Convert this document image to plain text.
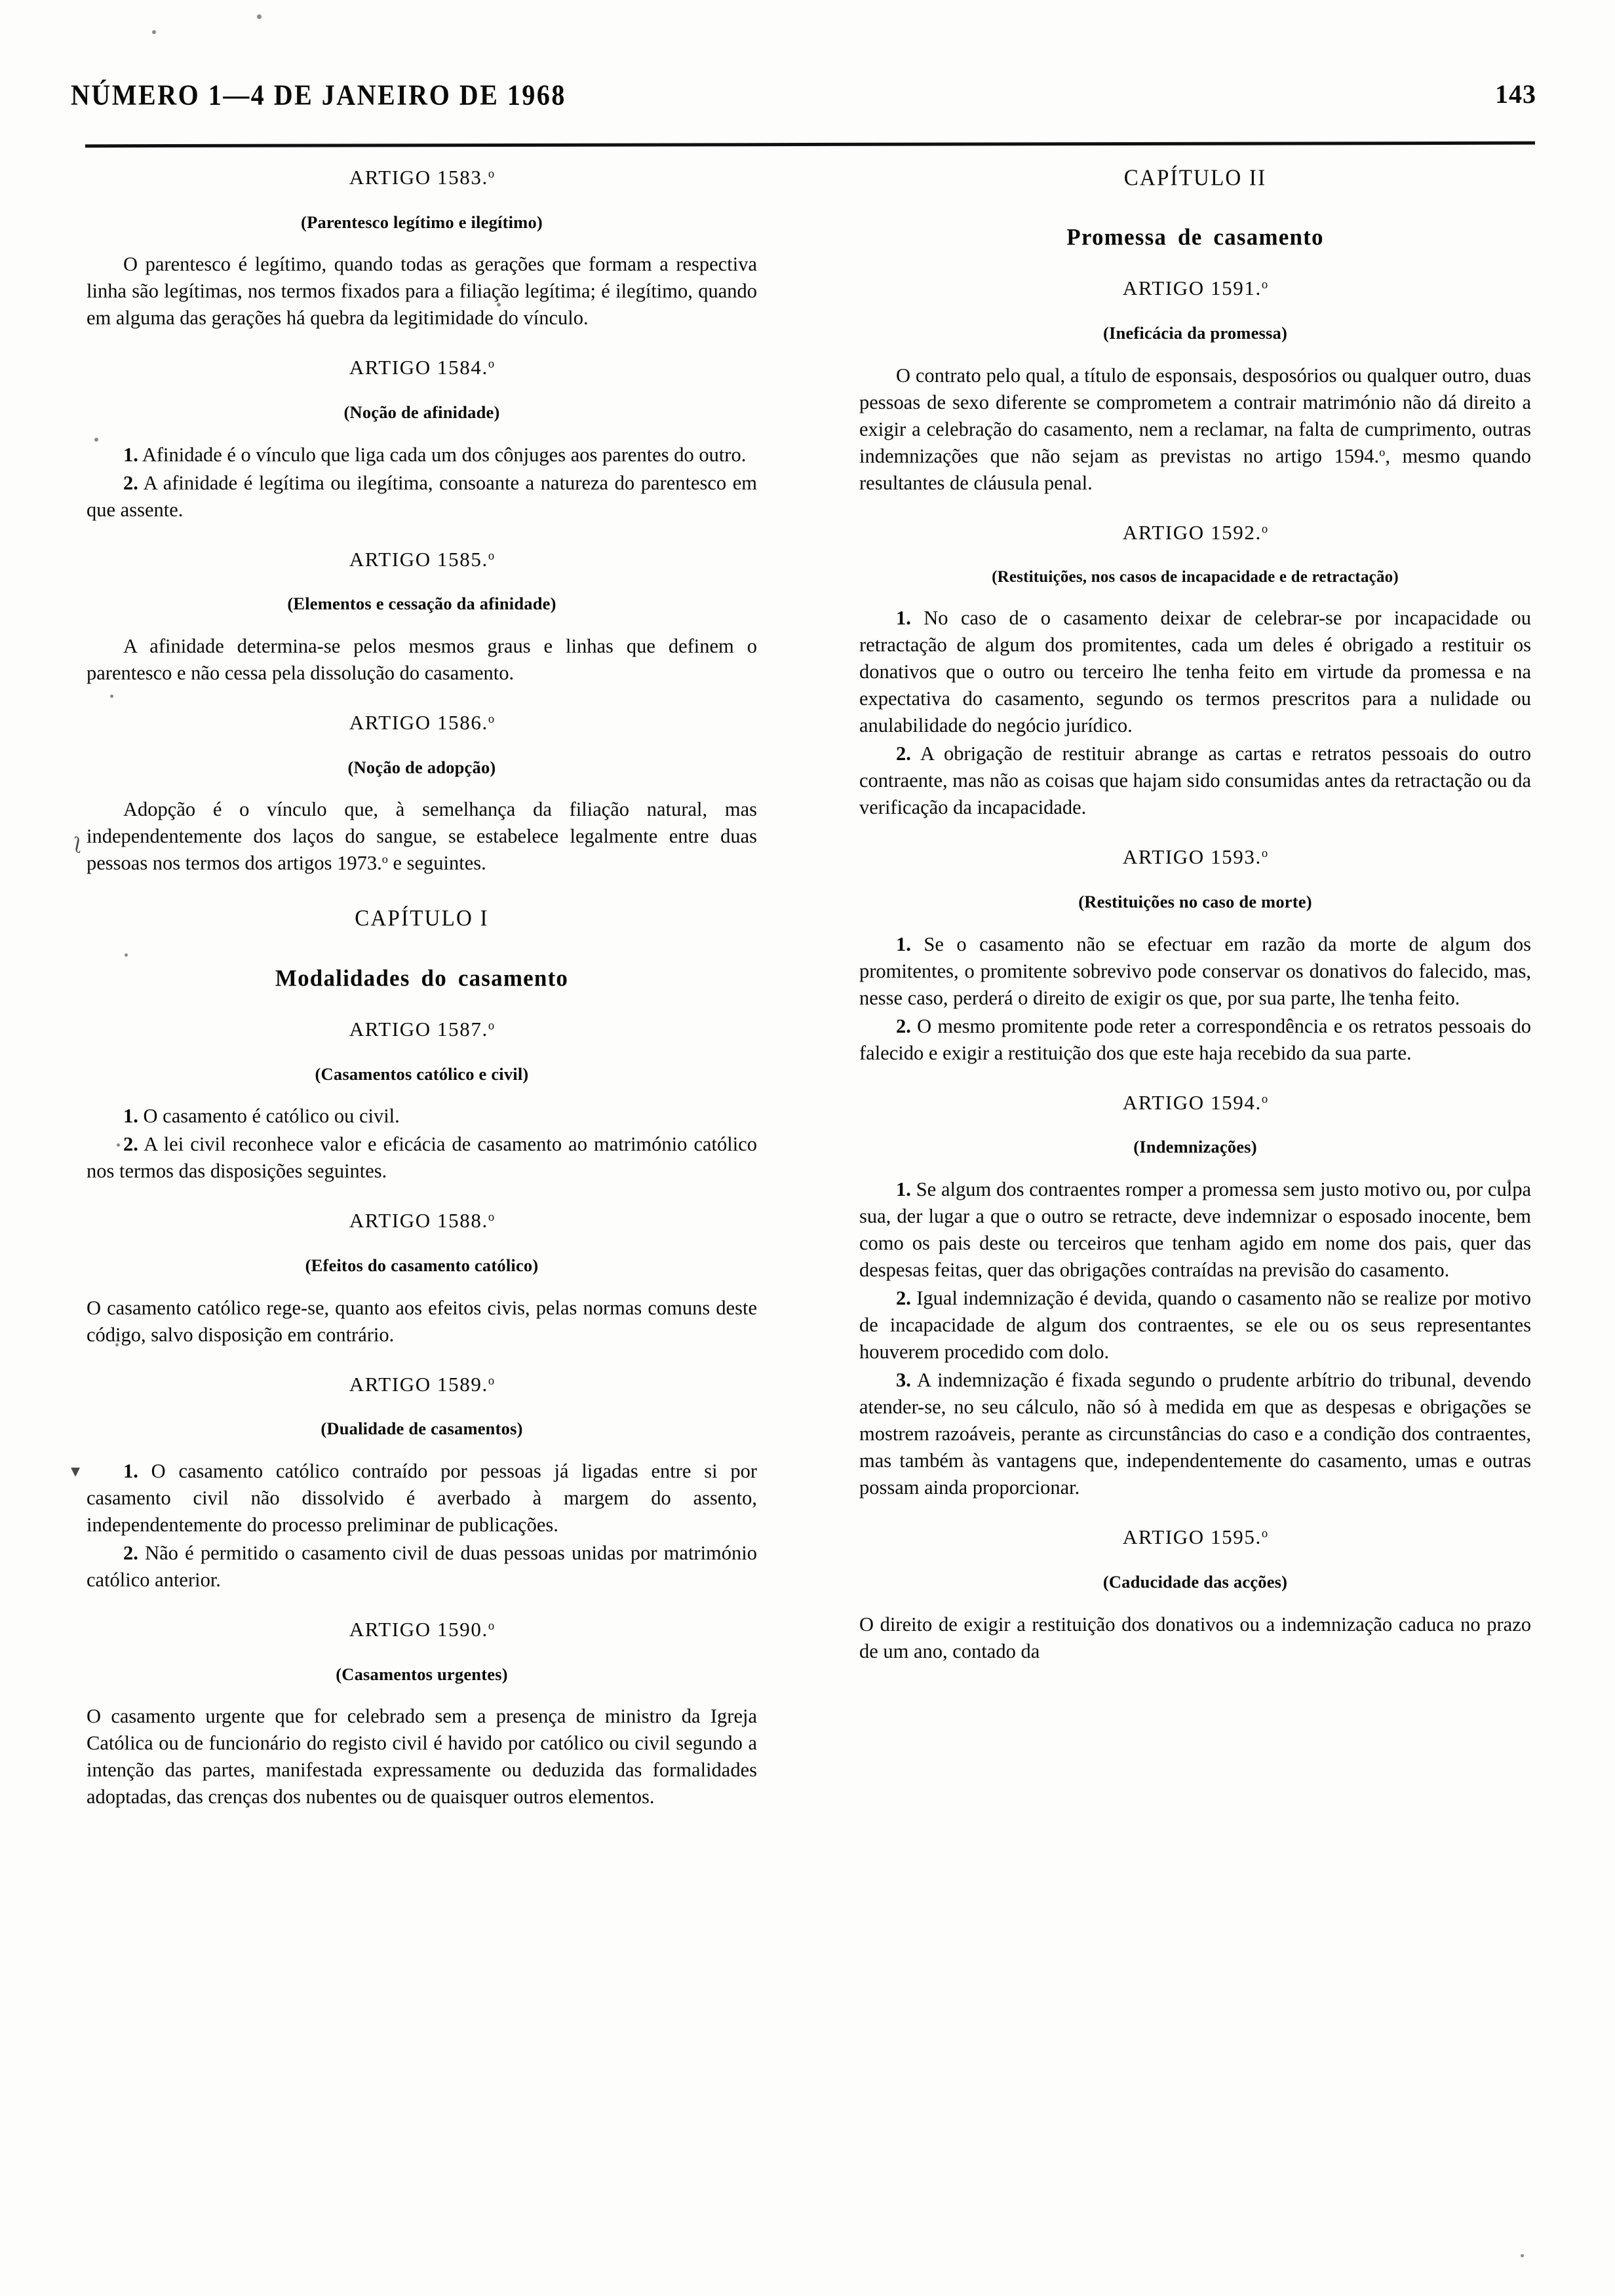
NÚMERO 1—4 DE JANEIRO DE 1968	143
ʅ
▾
ARTIGO 1583.$^o$
(Parentesco legítimo e ilegítimo)

O parentesco é legítimo, quando todas as gerações que formam a respectiva linha são legítimas, nos termos fixados para a filiação legítima; é ilegítimo, quando em alguma das gerações há quebra da legitimidade do vínculo.

ARTIGO 1584.$^o$
(Noção de afinidade)

1. Afinidade é o vínculo que liga cada um dos cônjuges aos parentes do outro.

2. A afinidade é legítima ou ilegítima, consoante a natureza do parentesco em que assente.

ARTIGO 1585.$^o$
(Elementos e cessação da afinidade)

A afinidade determina-se pelos mesmos graus e linhas que definem o parentesco e não cessa pela dissolução do casamento.

ARTIGO 1586.$^o$
(Noção de adopção)

Adopção é o vínculo que, à semelhança da filiação natural, mas independentemente dos laços do sangue, se estabelece legalmente entre duas pessoas nos termos dos artigos 1973.$^o$ e seguintes.

CAPÍTULO I
Modalidades do casamento
ARTIGO 1587.$^o$
(Casamentos católico e civil)

1. O casamento é católico ou civil.

2. A lei civil reconhece valor e eficácia de casamento ao matrimónio católico nos termos das disposições seguintes.

ARTIGO 1588.$^o$
(Efeitos do casamento católico)

O casamento católico rege-se, quanto aos efeitos civis, pelas normas comuns deste código, salvo disposição em contrário.

ARTIGO 1589.$^o$
(Dualidade de casamentos)

1. O casamento católico contraído por pessoas já ligadas entre si por casamento civil não dissolvido é averbado à margem do assento, independentemente do processo preliminar de publicações.

2. Não é permitido o casamento civil de duas pessoas unidas por matrimónio católico anterior.

ARTIGO 1590.$^o$
(Casamentos urgentes)

O casamento urgente que for celebrado sem a presença de ministro da Igreja Católica ou de funcionário do registo civil é havido por católico ou civil segundo a intenção das partes, manifestada expressamente ou deduzida das formalidades adoptadas, das crenças dos nubentes ou de quaisquer outros elementos.

CAPÍTULO II
Promessa de casamento
ARTIGO 1591.$^o$
(Ineficácia da promessa)

O contrato pelo qual, a título de esponsais, desposórios ou qualquer outro, duas pessoas de sexo diferente se comprometem a contrair matrimónio não dá direito a exigir a celebração do casamento, nem a reclamar, na falta de cumprimento, outras indemnizações que não sejam as previstas no artigo 1594.$^o$, mesmo quando resultantes de cláusula penal.

ARTIGO 1592.$^o$
(Restituições, nos casos de incapacidade e de retractação)

1. No caso de o casamento deixar de celebrar-se por incapacidade ou retractação de algum dos promitentes, cada um deles é obrigado a restituir os donativos que o outro ou terceiro lhe tenha feito em virtude da promessa e na expectativa do casamento, segundo os termos prescritos para a nulidade ou anulabilidade do negócio jurídico.

2. A obrigação de restituir abrange as cartas e retratos pessoais do outro contraente, mas não as coisas que hajam sido consumidas antes da retractação ou da verificação da incapacidade.

ARTIGO 1593.$^o$
(Restituições no caso de morte)

1. Se o casamento não se efectuar em razão da morte de algum dos promitentes, o promitente sobrevivo pode conservar os donativos do falecido, mas, nesse caso, perderá o direito de exigir os que, por sua parte, lhe tenha feito.

2. O mesmo promitente pode reter a correspondência e os retratos pessoais do falecido e exigir a restituição dos que este haja recebido da sua parte.

ARTIGO 1594.$^o$
(Indemnizações)

1. Se algum dos contraentes romper a promessa sem justo motivo ou, por culpa sua, der lugar a que o outro se retracte, deve indemnizar o esposado inocente, bem como os pais deste ou terceiros que tenham agido em nome dos pais, quer das despesas feitas, quer das obrigações contraídas na previsão do casamento.

2. Igual indemnização é devida, quando o casamento não se realize por motivo de incapacidade de algum dos contraentes, se ele ou os seus representantes houverem procedido com dolo.

3. A indemnização é fixada segundo o prudente arbítrio do tribunal, devendo atender-se, no seu cálculo, não só à medida em que as despesas e obrigações se mostrem razoáveis, perante as circunstâncias do caso e a condição dos contraentes, mas também às vantagens que, independentemente do casamento, umas e outras possam ainda proporcionar.

ARTIGO 1595.$^o$
(Caducidade das acções)

O direito de exigir a restituição dos donativos ou a indemnização caduca no prazo de um ano, contado da
